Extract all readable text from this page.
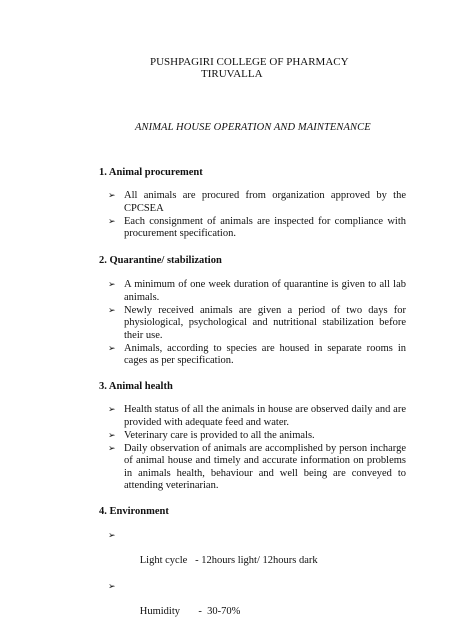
PUSHPAGIRI COLLEGE OF PHARMACY
TIRUVALLA
ANIMAL HOUSE OPERATION AND MAINTENANCE
1. Animal procurement
➢ All animals are procured from organization approved by the CPCSEA
➢ Each consignment of animals are inspected for compliance with procurement specification.
2. Quarantine/ stabilization
➢ A minimum of one week duration of quarantine is given to all lab animals.
➢ Newly received animals are given a period of two days for physiological, psychological and nutritional stabilization before their use.
➢ Animals, according to species are housed in separate rooms in cages as per specification.
3. Animal health
➢ Health status of all the animals in house are observed daily and are provided with adequate feed and water.
➢ Veterinary care is provided to all the animals.
➢ Daily observation of animals are accomplished by person incharge of animal house and timely and accurate information on problems in animals health, behaviour and well being are conveyed to attending veterinarian.
4. Environment

➢

Light cycle   - 12hours light/ 12hours dark

➢

Humidity       -  30-70%
